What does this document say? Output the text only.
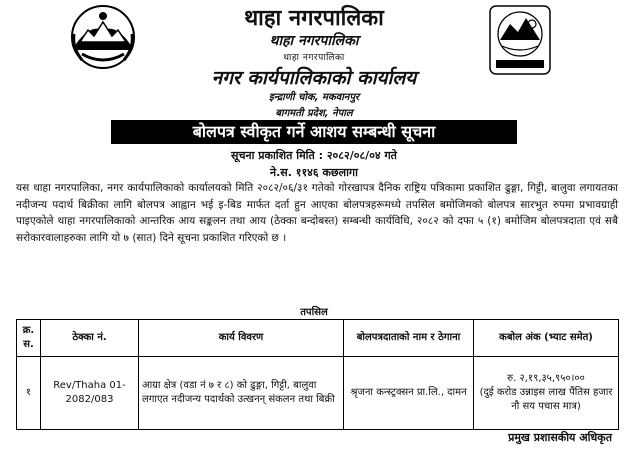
थाहा नगरपालिका
थाहा नगरपालिका
थाहा नगरपालिका
नगर कार्यपालिकाको कार्यालय
इन्द्राणी चोक, मकवानपुर
बागमती प्रदेश, नेपाल
बोलपत्र स्वीकृत गर्ने आशय सम्बन्धी सूचना
सूचना प्रकाशित मिति : २०८२/०८/०४ गते
ने.स. ११४६ कछलागा
यस थाहा नगरपालिका, नगर कार्यपालिकाको कार्यालयको मिति २०८२/०६/३१ गतेको गोरखापत्र दैनिक राष्ट्रिय पत्रिकामा प्रकाशित ढुङ्गा, गिट्टी, बालुवा लगायतका नदीजन्य पदार्थ बिक्रीका लागि बोलपत्र आह्वान भई इ-बिड मार्फत दर्ता हुन आएका बोलपत्रहरूमध्ये तपसिल बमोजिमको बोलपत्र सारभुत रुपमा प्रभावग्राही पाइएकोले थाहा नगरपालिकाको आन्तरिक आय सङ्कलन तथा आय (ठेक्का बन्दोबस्त) सम्बन्धी कार्यविधि, २०८२ को दफा ५ (१) बमोजिम बोलपत्रदाता एवं सबै सरोकारवालाहरुका लागि यो ७ (सात) दिने सूचना प्रकाशित गरिएको छ ।
तपसिल
क्र. स.	ठेक्का नं.	कार्य विवरण	बोलपत्रदाताको नाम र ठेगाना	कबोल अंक (भ्याट समेत)
१	Rev/Thaha 01-2082/083	आग्रा क्षेत्र (वडा नं ७ र ८) को ढुङ्गा, गिट्टी, बालुवा लगाएत नदीजन्य पदार्थको उत्खनन् संकलन तथा बिक्री	श्रृजना कन्स्ट्रक्सन प्रा.लि., दामन	रु. २,१९,३५,९५०।००
(दुई करोड उन्नाइस लाख पैंतिस हजार नौ सय पचास मात्र)
प्रमुख प्रशासकीय अधिकृत
